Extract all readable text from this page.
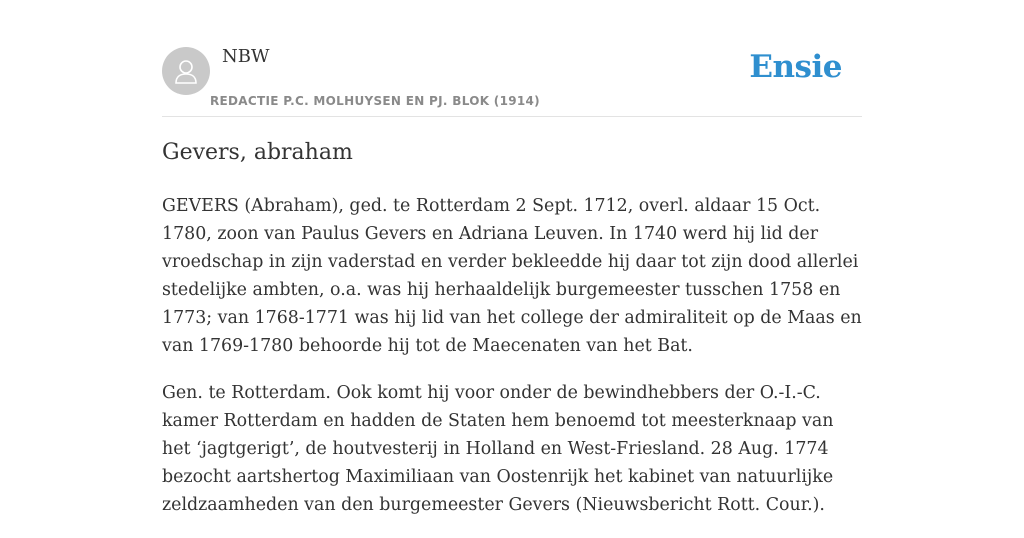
NBW
REDACTIE P.C. MOLHUYSEN EN PJ. BLOK (1914)
Ensie
Gevers, abraham

GEVERS (Abraham), ged. te Rotterdam 2 Sept. 1712, overl. aldaar 15 Oct. 1780, zoon van Paulus Gevers en Adriana Leuven. In 1740 werd hij lid der vroedschap in zijn vaderstad en verder bekleedde hij daar tot zijn dood allerlei stedelijke ambten, o.a. was hij herhaaldelijk burgemeester tusschen 1758 en 1773; van 1768-1771 was hij lid van het college der admiraliteit op de Maas en van 1769-1780 behoorde hij tot de Maecenaten van het Bat.

Gen. te Rotterdam. Ook komt hij voor onder de bewindhebbers der O.-I.-C. kamer Rotterdam en hadden de Staten hem benoemd tot meesterknaap van het ‘jagtgerigt’, de houtvesterij in Holland en West-Friesland. 28 Aug. 1774 bezocht aartshertog Maximiliaan van Oostenrijk het kabinet van natuurlijke zeldzaamheden van den burgemeester Gevers (Nieuwsbericht Rott. Cour.).
